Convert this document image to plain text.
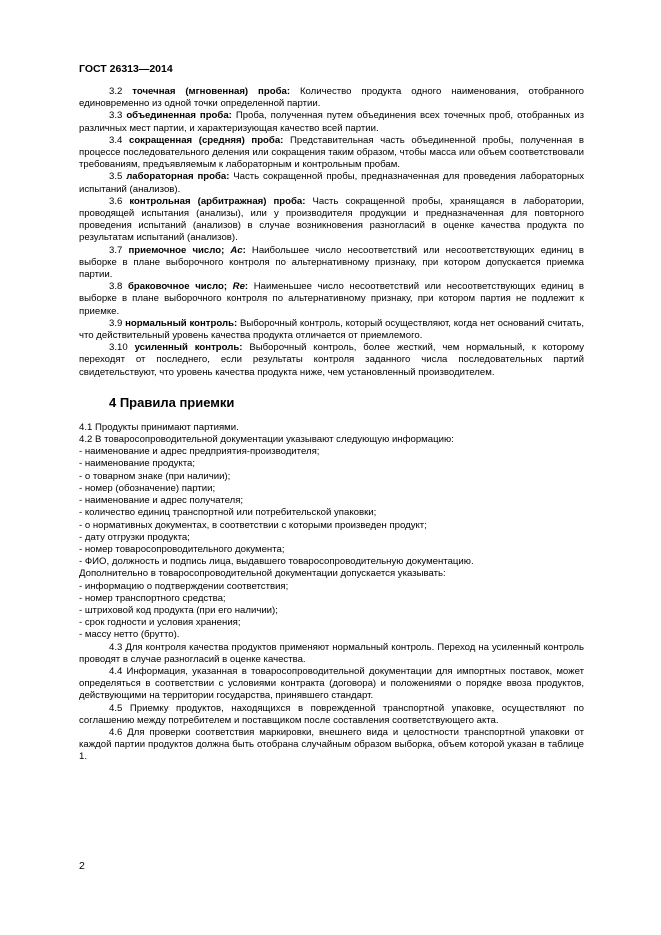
ГОСТ 26313—2014
3.2 точечная (мгновенная) проба: Количество продукта одного наименования, отобранного единовременно из одной точки определенной партии.
3.3 объединенная проба: Проба, полученная путем объединения всех точечных проб, отобранных из различных мест партии, и характеризующая качество всей партии.
3.4 сокращенная (средняя) проба: Представительная часть объединенной пробы, полученная в процессе последовательного деления или сокращения таким образом, чтобы масса или объем соответствовали требованиям, предъявляемым к лабораторным и контрольным пробам.
3.5 лабораторная проба: Часть сокращенной пробы, предназначенная для проведения лабораторных испытаний (анализов).
3.6 контрольная (арбитражная) проба: Часть сокращенной пробы, хранящаяся в лаборатории, проводящей испытания (анализы), или у производителя продукции и предназначенная для повторного проведения испытаний (анализов) в случае возникновения разногласий в оценке качества продукта по результатам испытаний (анализов).
3.7 приемочное число; Ac: Наибольшее число несоответствий или несоответствующих единиц в выборке в плане выборочного контроля по альтернативному признаку, при котором допускается приемка партии.
3.8 браковочное число; Re: Наименьшее число несоответствий или несоответствующих единиц в выборке в плане выборочного контроля по альтернативному признаку, при котором партия не подлежит к приемке.
3.9 нормальный контроль: Выборочный контроль, который осуществляют, когда нет оснований считать, что действительный уровень качества продукта отличается от приемлемого.
3.10 усиленный контроль: Выборочный контроль, более жесткий, чем нормальный, к которому переходят от последнего, если результаты контроля заданного числа последовательных партий свидетельствуют, что уровень качества продукта ниже, чем установленный производителем.
4 Правила приемки
4.1 Продукты принимают партиями.
4.2 В товаросопроводительной документации указывают следующую информацию:
- наименование и адрес предприятия-производителя;
- наименование продукта;
- о товарном знаке (при наличии);
- номер (обозначение) партии;
- наименование и адрес получателя;
- количество единиц транспортной или потребительской упаковки;
- о нормативных документах, в соответствии с которыми произведен продукт;
- дату отгрузки продукта;
- номер товаросопроводительного документа;
- ФИО, должность и подпись лица, выдавшего товаросопроводительную документацию.
Дополнительно в товаросопроводительной документации допускается указывать:
- информацию о подтверждении соответствия;
- номер транспортного средства;
- штриховой код продукта (при его наличии);
- срок годности и условия хранения;
- массу нетто (брутто).
4.3 Для контроля качества продуктов применяют нормальный контроль. Переход на усиленный контроль проводят в случае разногласий в оценке качества.
4.4 Информация, указанная в товаросопроводительной документации для импортных поставок, может определяться в соответствии с условиями контракта (договора) и положениями о порядке ввоза продуктов, действующими на территории государства, принявшего стандарт.
4.5 Приемку продуктов, находящихся в поврежденной транспортной упаковке, осуществляют по соглашению между потребителем и поставщиком после составления соответствующего акта.
4.6 Для проверки соответствия маркировки, внешнего вида и целостности транспортной упаковки от каждой партии продуктов должна быть отобрана случайным образом выборка, объем которой указан в таблице 1.
2
